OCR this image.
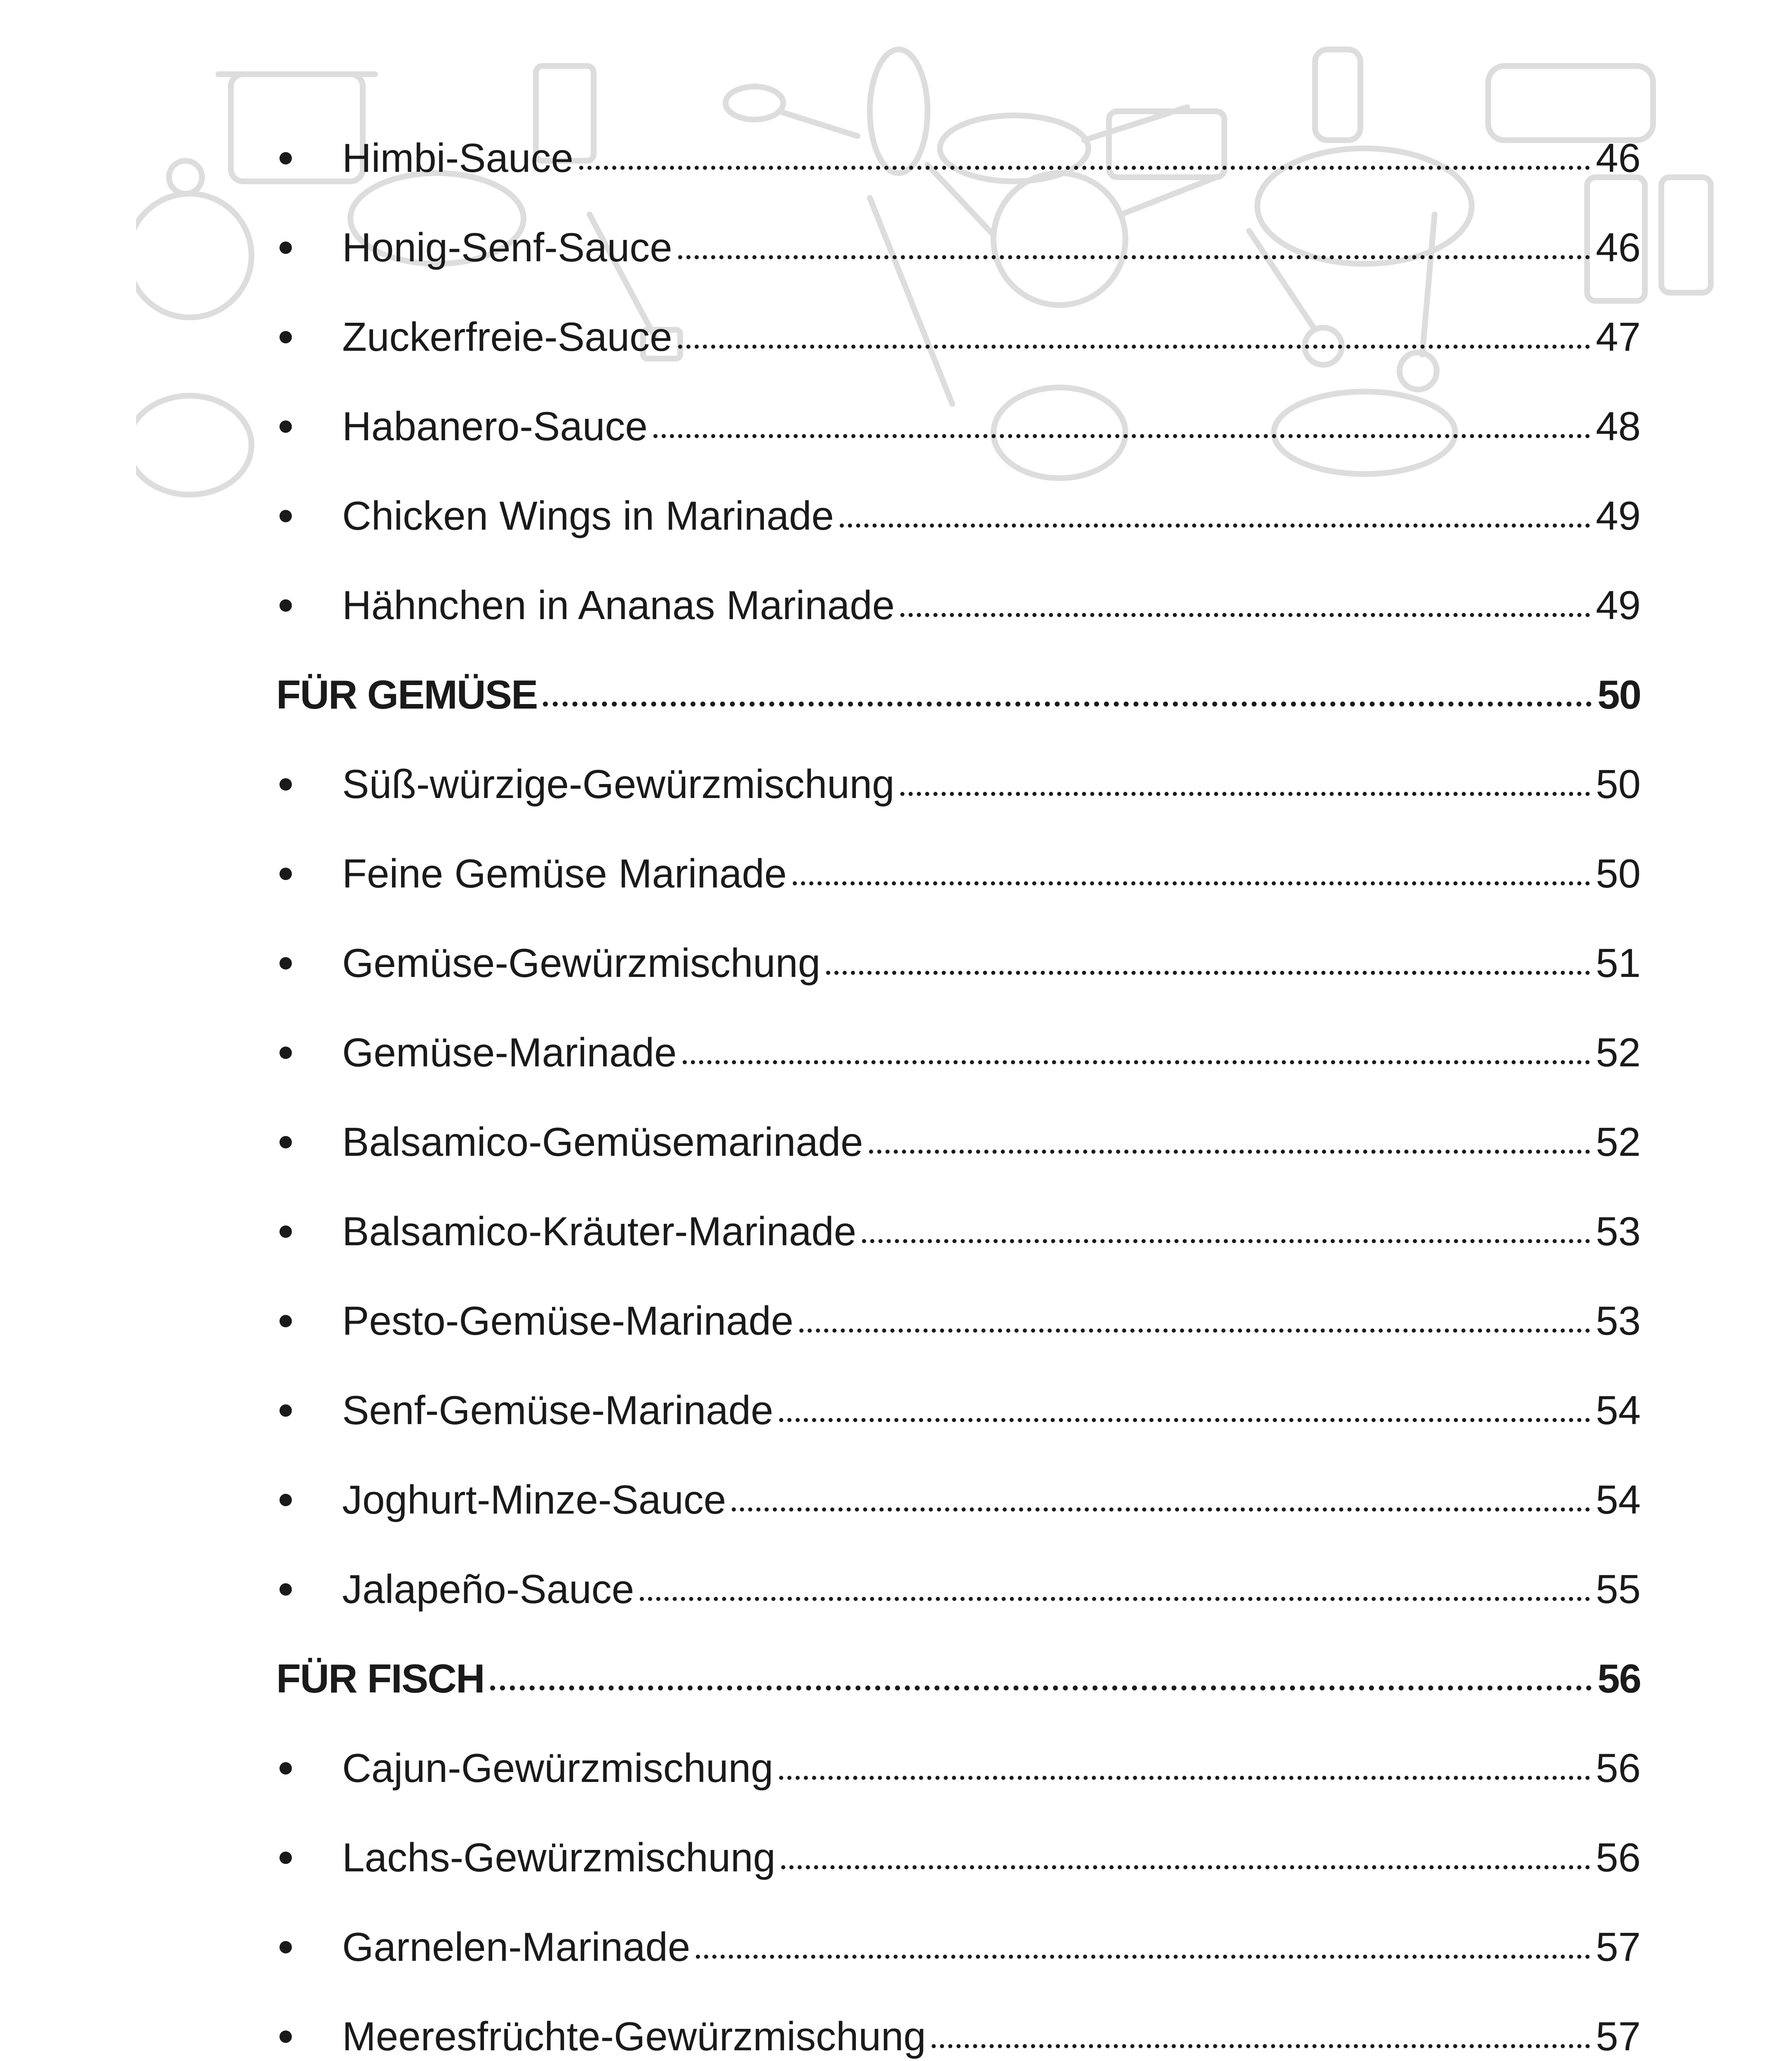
Himbi-Sauce	46
Honig-Senf-Sauce	46
Zuckerfreie-Sauce	47
Habanero-Sauce	48
Chicken Wings in Marinade	49
Hähnchen in Ananas Marinade	49
FÜR GEMÜSE	50
Süß-würzige-Gewürzmischung	50
Feine Gemüse Marinade	50
Gemüse-Gewürzmischung	51
Gemüse-Marinade	52
Balsamico-Gemüsemarinade	52
Balsamico-Kräuter-Marinade	53
Pesto-Gemüse-Marinade	53
Senf-Gemüse-Marinade	54
Joghurt-Minze-Sauce	54
Jalapeño-Sauce	55
FÜR FISCH	56
Cajun-Gewürzmischung	56
Lachs-Gewürzmischung	56
Garnelen-Marinade	57
Meeresfrüchte-Gewürzmischung	57
